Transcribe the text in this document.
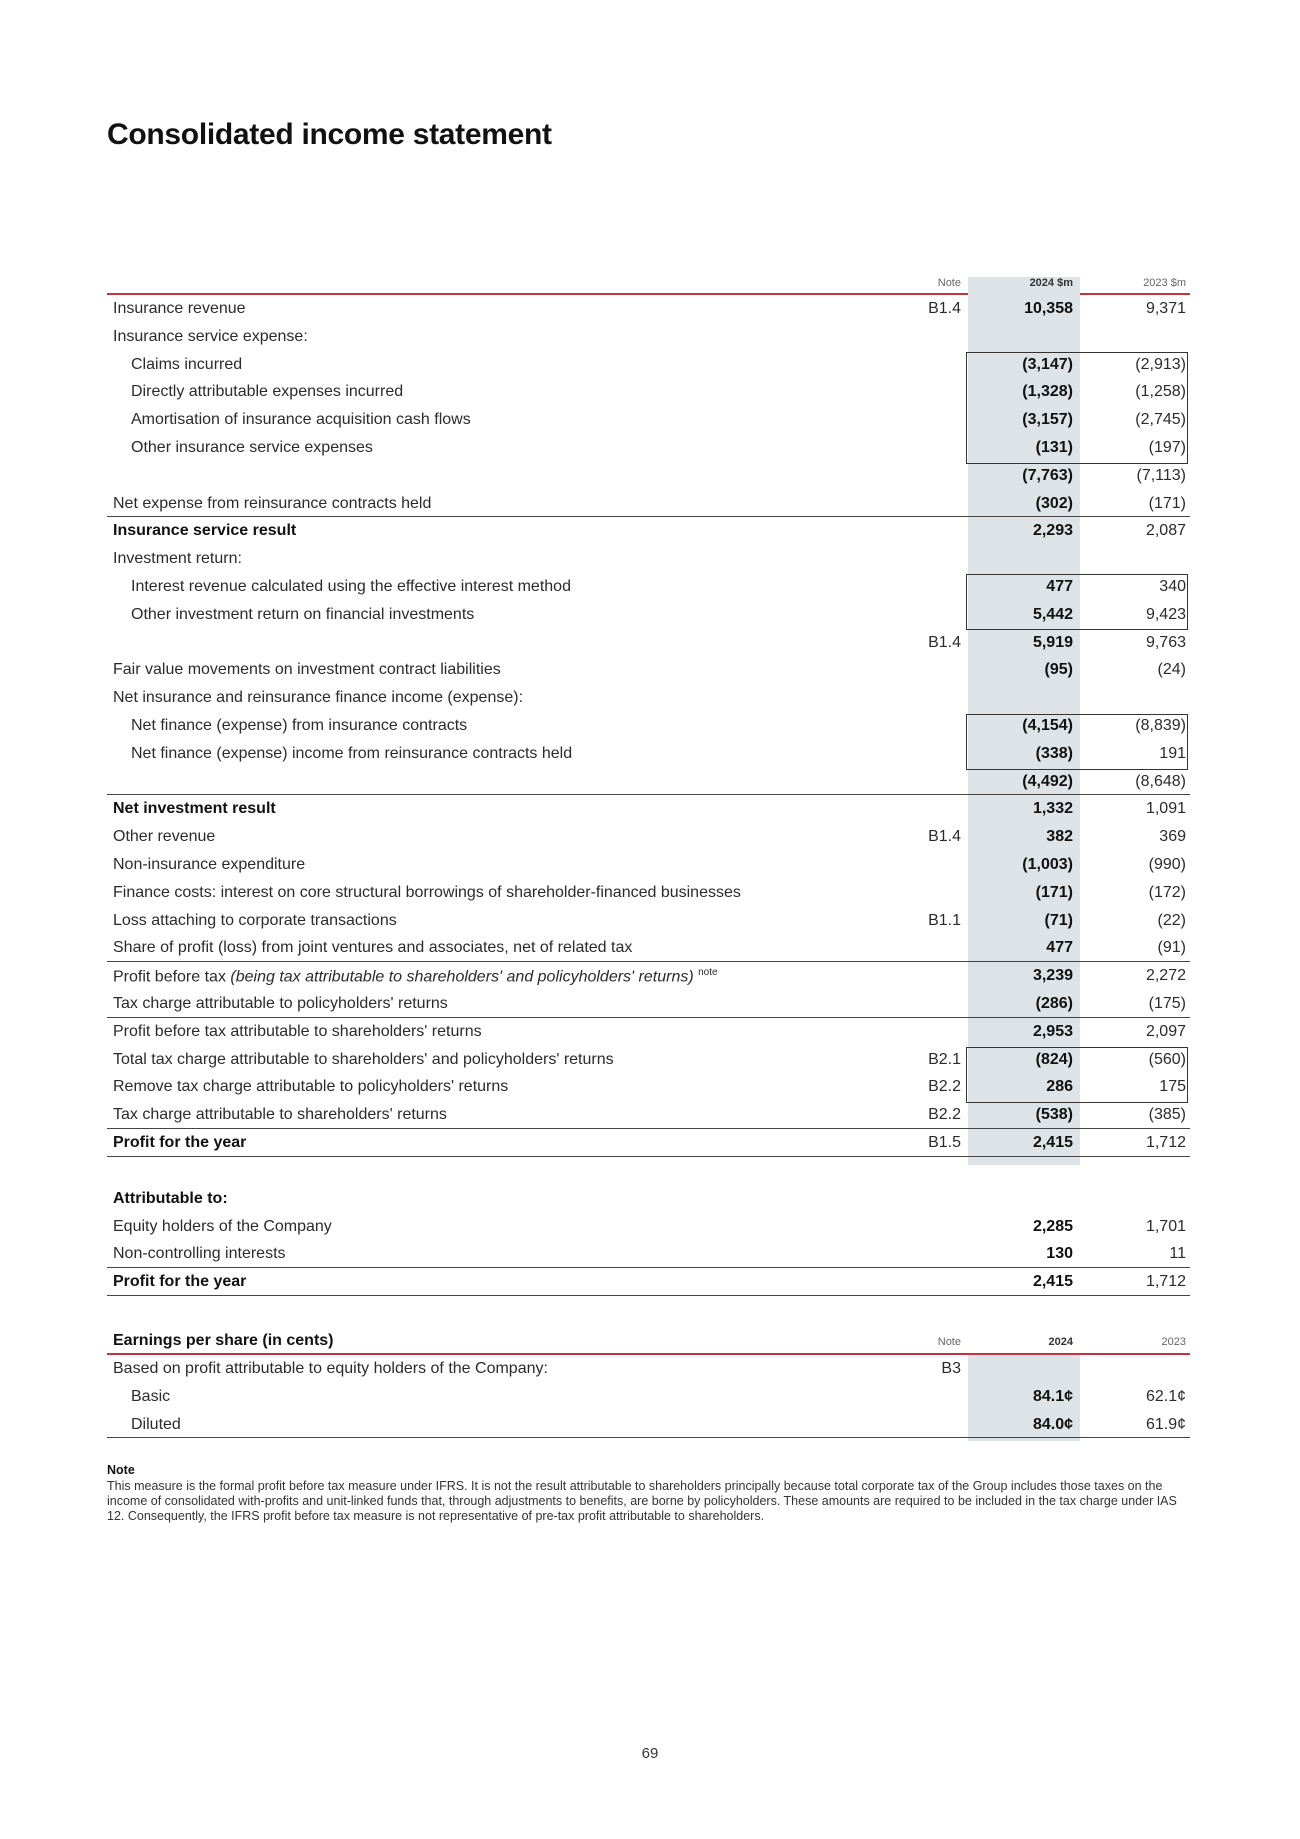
Consolidated income statement
Note	2024 $m	2023 $m
Insurance revenue	B1.4	10,358	9,371
Insurance service expense:
Claims incurred	(3,147)	(2,913)
Directly attributable expenses incurred	(1,328)	(1,258)
Amortisation of insurance acquisition cash flows	(3,157)	(2,745)
Other insurance service expenses	(131)	(197)
(7,763)	(7,113)
Net expense from reinsurance contracts held	(302)	(171)
Insurance service result	2,293	2,087
Investment return:
Interest revenue calculated using the effective interest method	477	340
Other investment return on financial investments	5,442	9,423
B1.4	5,919	9,763
Fair value movements on investment contract liabilities	(95)	(24)
Net insurance and reinsurance finance income (expense):
Net finance (expense) from insurance contracts	(4,154)	(8,839)
Net finance (expense) income from reinsurance contracts held	(338)	191
(4,492)	(8,648)
Net investment result	1,332	1,091
Other revenue	B1.4	382	369
Non-insurance expenditure	(1,003)	(990)
Finance costs: interest on core structural borrowings of shareholder-financed businesses	(171)	(172)
Loss attaching to corporate transactions	B1.1	(71)	(22)
Share of profit (loss) from joint ventures and associates, net of related tax	477	(91)
Profit before tax (being tax attributable to shareholders' and policyholders' returns) $^{note}$	3,239	2,272
Tax charge attributable to policyholders' returns	(286)	(175)
Profit before tax attributable to shareholders' returns	2,953	2,097
Total tax charge attributable to shareholders' and policyholders' returns	B2.1	(824)	(560)
Remove tax charge attributable to policyholders' returns	B2.2	286	175
Tax charge attributable to shareholders' returns	B2.2	(538)	(385)
Profit for the year	B1.5	2,415	1,712
Attributable to:
Equity holders of the Company	2,285	1,701
Non-controlling interests	130	11
Profit for the year	2,415	1,712
Earnings per share (in cents)	Note	2024	2023
Based on profit attributable to equity holders of the Company:	B3
Basic	84.1¢	62.1¢
Diluted	84.0¢	61.9¢
Note
This measure is the formal profit before tax measure under IFRS. It is not the result attributable to shareholders principally because total corporate tax of the Group includes those taxes on the income of consolidated with-profits and unit-linked funds that, through adjustments to benefits, are borne by policyholders. These amounts are required to be included in the tax charge under IAS 12. Consequently, the IFRS profit before tax measure is not representative of pre-tax profit attributable to shareholders.
69
